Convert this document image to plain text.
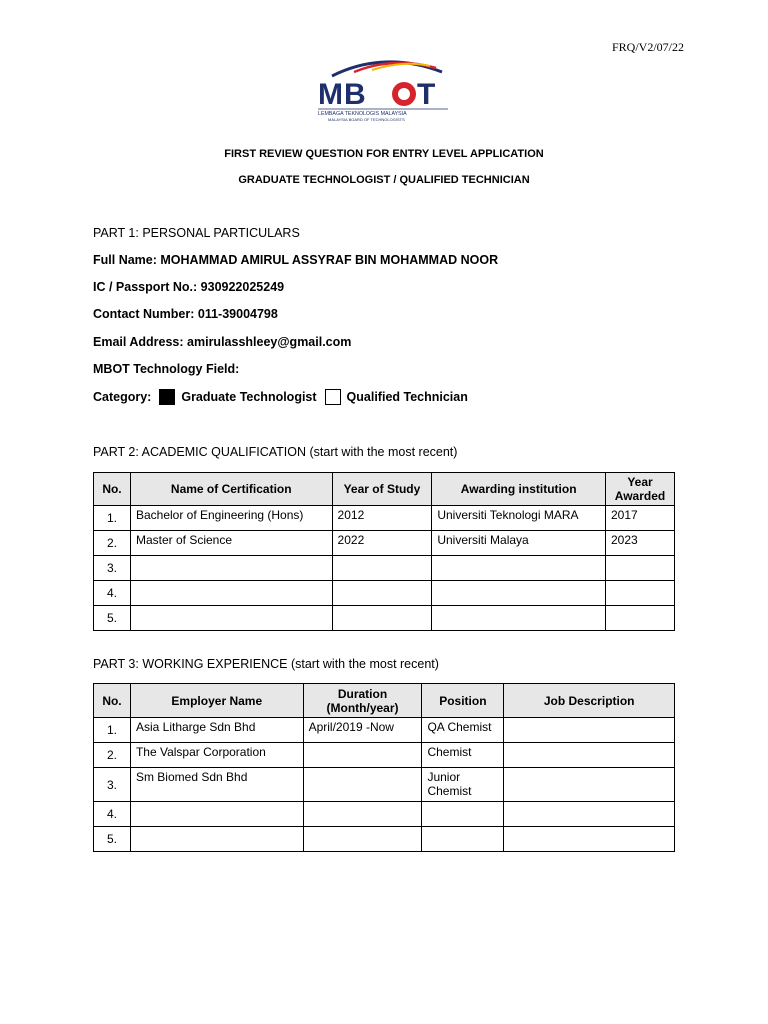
FRQ/V2/07/22
MB T
LEMBAGA TEKNOLOGIS MALAYSIA
MALAYSIA BOARD OF TECHNOLOGISTS
FIRST REVIEW QUESTION FOR ENTRY LEVEL APPLICATION
GRADUATE TECHNOLOGIST / QUALIFIED TECHNICIAN
PART 1: PERSONAL PARTICULARS
Full Name: MOHAMMAD AMIRUL ASSYRAF BIN MOHAMMAD NOOR
IC / Passport No.: 930922025249
Contact Number: 011-39004798
Email Address: amirulasshleey@gmail.com
MBOT Technology Field:
Category: Graduate Technologist Qualified Technician
PART 2: ACADEMIC QUALIFICATION (start with the most recent)
No.	Name of Certification	Year of Study	Awarding institution	Year Awarded
1.	Bachelor of Engineering (Hons)	2012	Universiti Teknologi MARA	2017
2.	Master of Science	2022	Universiti Malaya	2023
3.				
4.				
5.				
PART 3: WORKING EXPERIENCE (start with the most recent)
No.	Employer Name	Duration (Month/year)	Position	Job Description
1.	Asia Litharge Sdn Bhd	April/2019 -Now	QA Chemist	
2.	The Valspar Corporation		Chemist	
3.	Sm Biomed Sdn Bhd		Junior Chemist	
4.				
5.				
